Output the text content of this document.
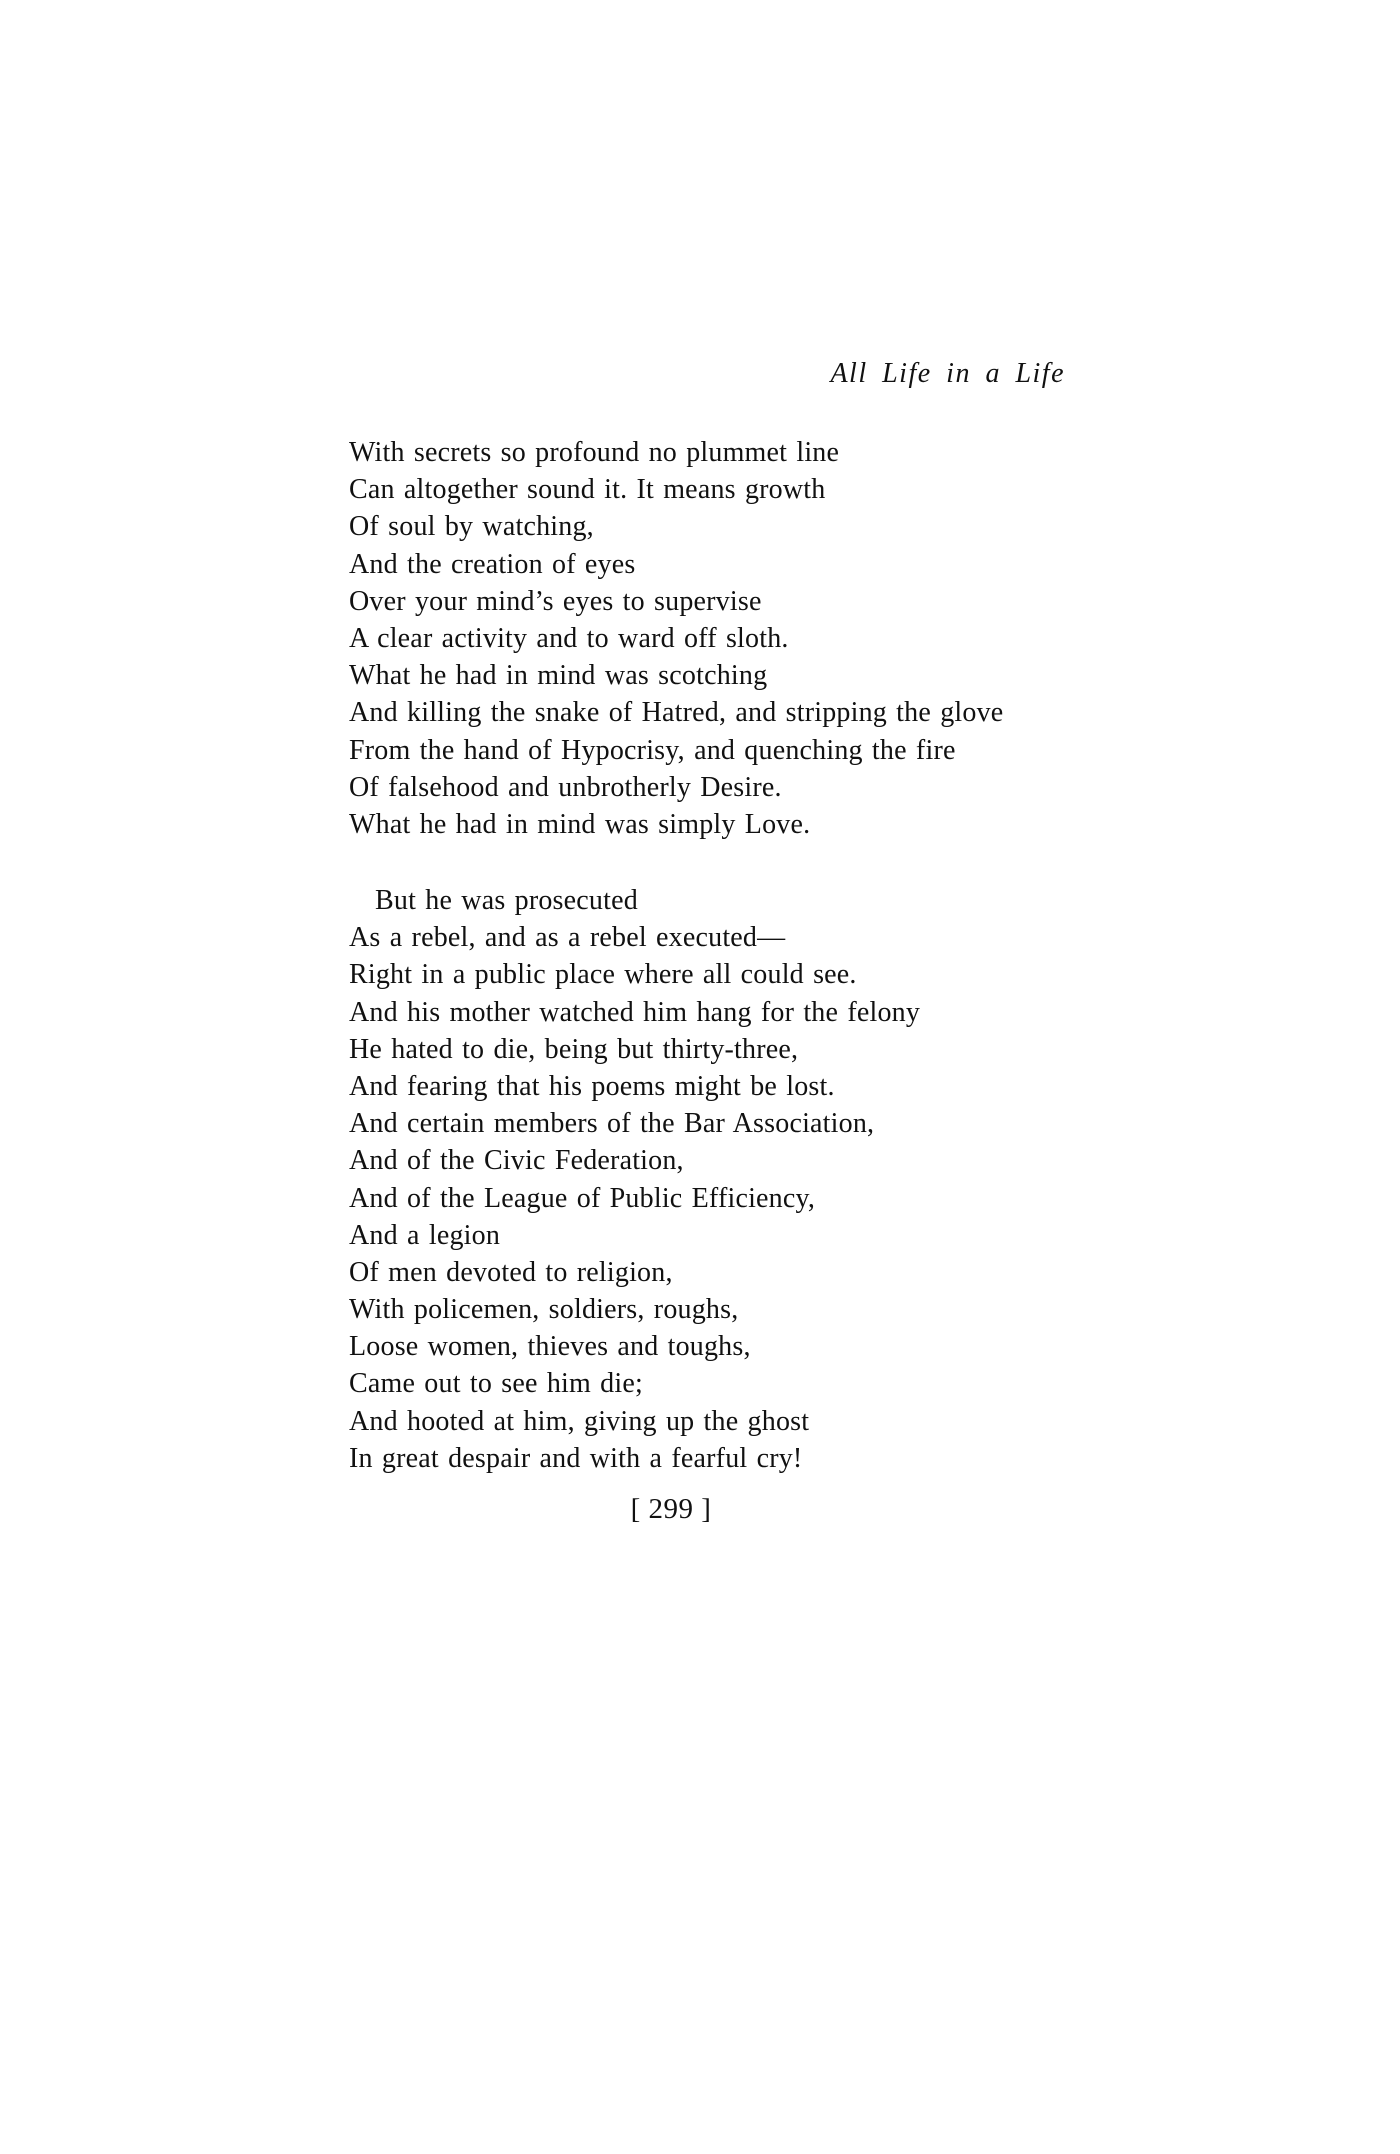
All Life in a Life
With secrets so profound no plummet line
Can altogether sound it. It means growth
Of soul by watching,
And the creation of eyes
Over your mind’s eyes to supervise
A clear activity and to ward off sloth.
What he had in mind was scotching
And killing the snake of Hatred, and stripping the glove
From the hand of Hypocrisy, and quenching the fire
Of falsehood and unbrotherly Desire.
What he had in mind was simply Love.
But he was prosecuted
As a rebel, and as a rebel executed—
Right in a public place where all could see.
And his mother watched him hang for the felony
He hated to die, being but thirty-three,
And fearing that his poems might be lost.
And certain members of the Bar Association,
And of the Civic Federation,
And of the League of Public Efficiency,
And a legion
Of men devoted to religion,
With policemen, soldiers, roughs,
Loose women, thieves and toughs,
Came out to see him die;
And hooted at him, giving up the ghost
In great despair and with a fearful cry!
[ 299 ]
